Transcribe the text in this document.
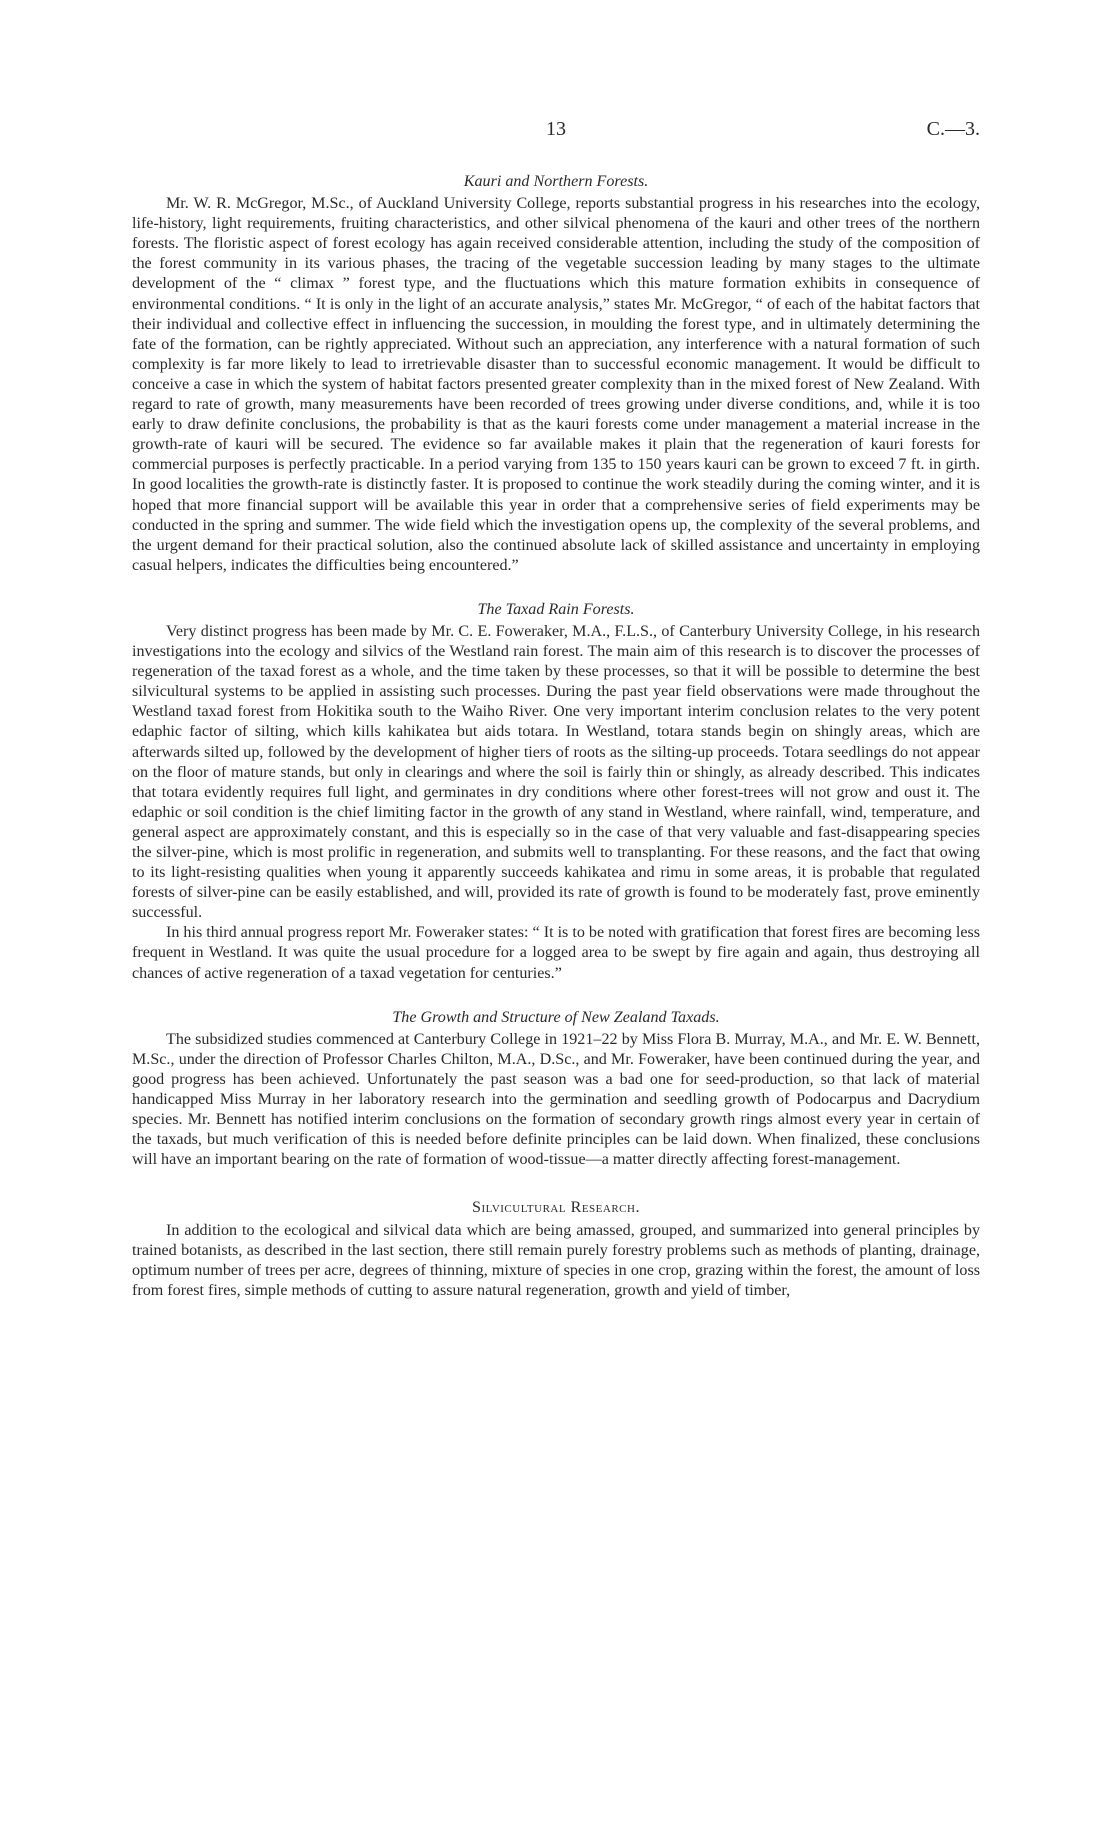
13	C.—3.
Kauri and Northern Forests.

Mr. W. R. McGregor, M.Sc., of Auckland University College, reports substantial progress in his researches into the ecology, life-history, light requirements, fruiting characteristics, and other silvical phenomena of the kauri and other trees of the northern forests. The floristic aspect of forest ecology has again received considerable attention, including the study of the composition of the forest community in its various phases, the tracing of the vegetable succession leading by many stages to the ultimate development of the “ climax ” forest type, and the fluctuations which this mature formation exhibits in consequence of environmental conditions. “ It is only in the light of an accurate analysis,” states Mr. McGregor, “ of each of the habitat factors that their individual and collective effect in influencing the succession, in moulding the forest type, and in ultimately determining the fate of the formation, can be rightly appreciated. Without such an appreciation, any interference with a natural formation of such complexity is far more likely to lead to irretrievable disaster than to successful economic management. It would be difficult to conceive a case in which the system of habitat factors presented greater complexity than in the mixed forest of New Zealand. With regard to rate of growth, many measurements have been recorded of trees growing under diverse conditions, and, while it is too early to draw definite conclusions, the probability is that as the kauri forests come under management a material increase in the growth-rate of kauri will be secured. The evidence so far available makes it plain that the regeneration of kauri forests for commercial purposes is perfectly practicable. In a period varying from 135 to 150 years kauri can be grown to exceed 7 ft. in girth. In good localities the growth-rate is distinctly faster. It is proposed to continue the work steadily during the coming winter, and it is hoped that more financial support will be available this year in order that a comprehensive series of field experiments may be conducted in the spring and summer. The wide field which the investigation opens up, the complexity of the several problems, and the urgent demand for their practical solution, also the continued absolute lack of skilled assistance and uncertainty in employing casual helpers, indicates the difficulties being encountered.”

The Taxad Rain Forests.

Very distinct progress has been made by Mr. C. E. Foweraker, M.A., F.L.S., of Canterbury University College, in his research investigations into the ecology and silvics of the Westland rain forest. The main aim of this research is to discover the processes of regeneration of the taxad forest as a whole, and the time taken by these processes, so that it will be possible to determine the best silvicultural systems to be applied in assisting such processes. During the past year field observations were made throughout the Westland taxad forest from Hokitika south to the Waiho River. One very important interim conclusion relates to the very potent edaphic factor of silting, which kills kahikatea but aids totara. In Westland, totara stands begin on shingly areas, which are afterwards silted up, followed by the development of higher tiers of roots as the silting-up proceeds. Totara seedlings do not appear on the floor of mature stands, but only in clearings and where the soil is fairly thin or shingly, as already described. This indicates that totara evidently requires full light, and germinates in dry conditions where other forest-trees will not grow and oust it. The edaphic or soil condition is the chief limiting factor in the growth of any stand in Westland, where rainfall, wind, temperature, and general aspect are approximately constant, and this is especially so in the case of that very valuable and fast-disappearing species the silver-pine, which is most prolific in regeneration, and submits well to transplanting. For these reasons, and the fact that owing to its light-resisting qualities when young it apparently succeeds kahikatea and rimu in some areas, it is probable that regulated forests of silver-pine can be easily established, and will, provided its rate of growth is found to be moderately fast, prove eminently successful.

In his third annual progress report Mr. Foweraker states: “ It is to be noted with gratification that forest fires are becoming less frequent in Westland. It was quite the usual procedure for a logged area to be swept by fire again and again, thus destroying all chances of active regeneration of a taxad vegetation for centuries.”

The Growth and Structure of New Zealand Taxads.

The subsidized studies commenced at Canterbury College in 1921–22 by Miss Flora B. Murray, M.A., and Mr. E. W. Bennett, M.Sc., under the direction of Professor Charles Chilton, M.A., D.Sc., and Mr. Foweraker, have been continued during the year, and good progress has been achieved. Unfortunately the past season was a bad one for seed-production, so that lack of material handicapped Miss Murray in her laboratory research into the germination and seedling growth of Podocarpus and Dacrydium species. Mr. Bennett has notified interim conclusions on the formation of secondary growth rings almost every year in certain of the taxads, but much verification of this is needed before definite principles can be laid down. When finalized, these conclusions will have an important bearing on the rate of formation of wood-tissue—a matter directly affecting forest-management.

Silvicultural Research.

In addition to the ecological and silvical data which are being amassed, grouped, and summarized into general principles by trained botanists, as described in the last section, there still remain purely forestry problems such as methods of planting, drainage, optimum number of trees per acre, degrees of thinning, mixture of species in one crop, grazing within the forest, the amount of loss from forest fires, simple methods of cutting to assure natural regeneration, growth and yield of timber,
